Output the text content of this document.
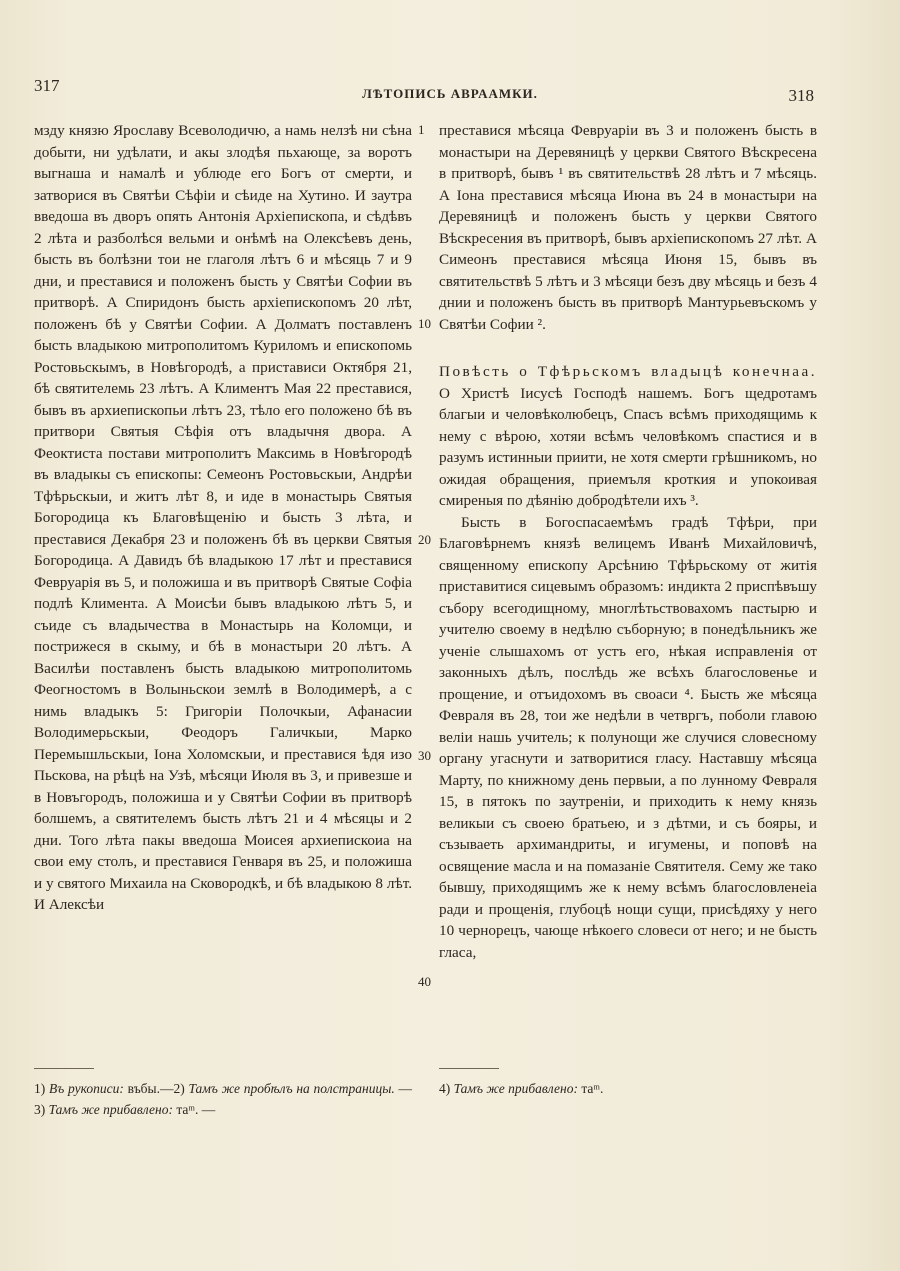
317	ЛѢТОПИСЬ АВРААМКИ.	318

мзду князю Ярославу Всеволодичю, а намь нелзѣ ни сѣна добыти, ни удѣлати, и акы злодѣя пьхающе, за воротъ выгнаша и намалѣ и ублюде его Богъ от смерти, и затворися въ Святѣи Сѣфіи и сѣиде на Хутино. И заутра введоша въ дворъ опять Антонія Архіепископа, и сѣдѣвъ 2 лѣта и разболѣся вельми и онѣмѣ на Олексѣевъ день, бысть въ болѣзни тои не глаголя лѣтъ 6 и мѣсяць 7 и 9 дни, и преставися и положенъ бысть у Святѣи Софии въ притворѣ. А Спиридонъ бысть архіепископомъ 20 лѣт, положенъ бѣ у Святѣи Софии. А Долматъ поставленъ бысть владыкою митрополитомъ Куриломъ и епископомь Ростовьскымъ, в Новѣгородѣ, а пристависи Октября 21, бѣ святителемь 23 лѣтъ. А Климентъ Мая 22 преставися, бывъ въ архиепископьи лѣтъ 23, тѣло его положено бѣ въ притвори Святыя Сѣфія отъ владычня двора. А Феоктиста постави митрополитъ Максимь в Новѣгородѣ въ владыкы съ епископы: Семеонъ Ростовьскыи, Андрѣи Тфѣрьскыи, и житъ лѣт 8, и иде в монастырь Святыя Богородица къ Благовѣщенію и бысть 3 лѣта, и преставися Декабря 23 и положенъ бѣ въ церкви Святыя Богородица. А Давидъ бѣ владыкою 17 лѣт и преставися Февруарія въ 5, и положиша и въ притворѣ Святые Софіа подлѣ Климента. А Моисѣи бывъ владыкою лѣтъ 5, и съиде съ владычества в Монастырь на Коломци, и пострижеся в скыму, и бѣ в монастыри 20 лѣтъ. А Василѣи поставленъ бысть владыкою митрополитомь Феогностомъ в Волыньскои землѣ в Володимерѣ, а с нимь владыкъ 5: Григоріи Полочкыи, Афанасии Володимерьскыи, Феодоръ Галичкыи, Марко Перемышльскыи, Іона Холомскыи, и преставися ѣдя изо Пьскова, на рѣцѣ на Узѣ, мѣсяци Июля въ 3, и привезше и в Новъгородъ, положиша и у Святѣи Софии въ притворѣ болшемъ, а святителемъ бысть лѣтъ 21 и 4 мѣсяцы и 2 дни. Того лѣта пакы введоша Моисея архиепискоиа на свои ему столъ, и преставися Генваря въ 25, и положиша и у святого Михаила на Сковородкѣ, и бѣ владыкою 8 лѣт. И Алексѣи

преставися мѣсяца Февруаріи въ 3 и положенъ бысть в монастыри на Деревяницѣ у церкви Святого Вѣскресена в притворѣ, бывъ ¹ въ святительствѣ 28 лѣтъ и 7 мѣсяць. А Іона преставися мѣсяца Июна въ 24 в монастыри на Деревяницѣ и положенъ бысть у церкви Святого Вѣскресения въ притворѣ, бывъ архіепископомъ 27 лѣт. А Симеонъ преставися мѣсяца Июня 15, бывъ въ святительствѣ 5 лѣтъ и 3 мѣсяци безъ дву мѣсяць и безъ 4 днии и положенъ бысть въ притворѣ Мантурьевъскомъ у Святѣи Софии ².

Повѣсть о Тфѣрьскомъ владыцѣ конечнаа. О Христѣ Іисусѣ Господѣ нашемъ. Богъ щедротамъ благыи и человѣколюбецъ, Спасъ всѣмъ приходящимь к нему с вѣрою, хотяи всѣмъ человѣкомъ спастися и в разумъ истинныи приити, не хотя смерти грѣшникомъ, но ожидая обращения, приемъля кроткия и упокоивая смиреныя по дѣянію добродѣтели ихъ ³.

Бысть в Богоспасаемѣмъ градѣ Тфѣри, при Благовѣрнемъ князѣ велицемъ Иванѣ Михайловичѣ, священному епископу Арсѣнию Тфѣрьскому от житія приставитися сицевымъ образомъ: индикта 2 приспѣвъшу събору всегодищному, многлѣтьствовахомъ пастырю и учителю своему в недѣлю съборную; в понедѣльникъ же ученіе слышахомъ от устъ его, нѣкая исправленія от законныхъ дѣлъ, послѣдь же всѣхъ благословенье и прощение, и отъидохомъ въ своаси ⁴. Бысть же мѣсяца Февраля въ 28, тои же недѣли в четвргъ, поболи главою велiи нашь учитель; к полунощи же случися словесному органу угаснути и затворитися гласу. Наставшу мѣсяца Марту, по книжному день первыи, а по лунному Февраля 15, в пятокъ по заутреніи, и приходить к нему князь великыи съ своею братьею, и з дѣтми, и съ бояры, и съзываеть архимандриты, и игумены, и поповѣ на освящение масла и на помазаніе Святителя. Сему же тако бывшу, приходящимъ же к нему всѣмъ благословленеіа ради и прощенія, глубоцѣ нощи сущи, присѣдяху у него 10 чернорецъ, чающе нѣкоего словеси от него; и не бысть гласа,

1
10
20
30
40

1) Въ рукописи: въбы.—2) Тамъ же пробѣлъ на полстраницы. — 3) Тамъ же прибавлено: таᵐ. —

4) Тамъ же прибавлено: таᵐ.
